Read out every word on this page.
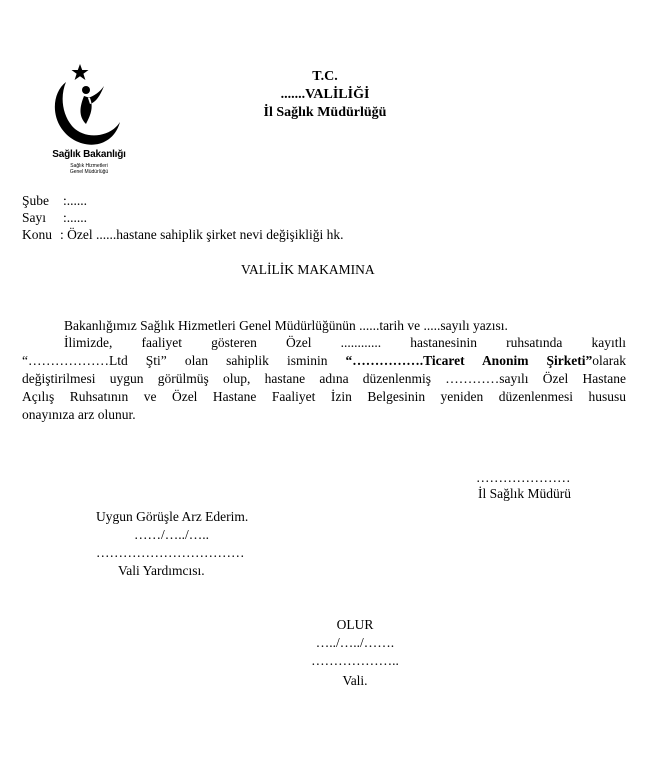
Sağlık Bakanlığı
Sağlık Hizmetleri
Genel Müdürlüğü
T.C.
.......VALİLİĞİ
İl Sağlık Müdürlüğü
Şube :......
Sayı :......
Konu : Özel ......hastane sahiplik şirket nevi değişikliği hk.
VALİLİK MAKAMINA
Bakanlığımız Sağlık Hizmetleri Genel Müdürlüğünün ......tarih ve .....sayılı yazısı.
İlimizde, faaliyet gösteren Özel ............ hastanesinin ruhsatında kayıtlı
“………………Ltd Şti” olan sahiplik isminin “…………….Ticaret Anonim Şirketi”olarak
değiştirilmesi uygun görülmüş olup, hastane adına düzenlenmiş …………sayılı Özel Hastane
Açılış Ruhsatının ve Özel Hastane Faaliyet İzin Belgesinin yeniden düzenlenmesi hususu
onayınıza arz olunur.
…………………
İl Sağlık Müdürü
Uygun Görüşle Arz Ederim.
……/…../…..
……………………………
Vali Yardımcısı.
OLUR
…../…../…….
………………..
Vali.
